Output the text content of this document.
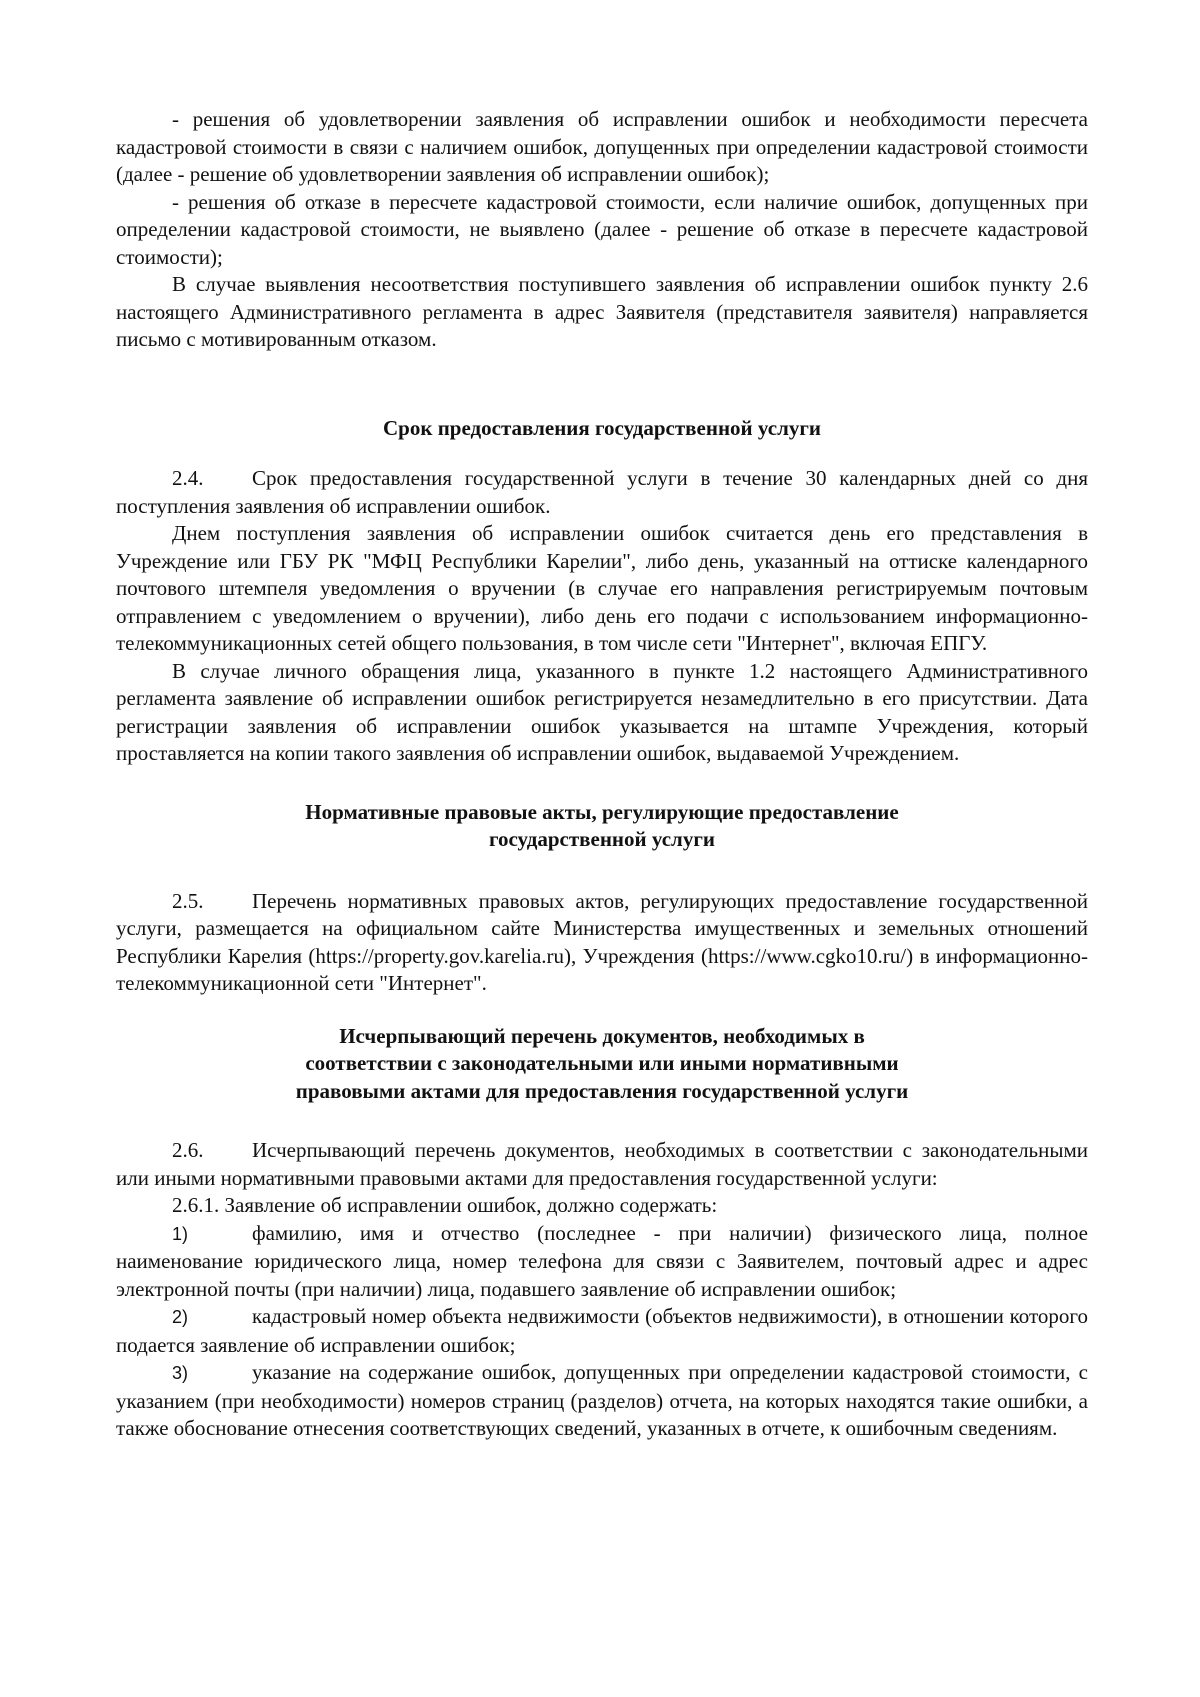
- решения об удовлетворении заявления об исправлении ошибок и необходимости пересчета кадастровой стоимости в связи с наличием ошибок, допущенных при определении кадастровой стоимости (далее - решение об удовлетворении заявления об исправлении ошибок);

- решения об отказе в пересчете кадастровой стоимости, если наличие ошибок, допущенных при определении кадастровой стоимости, не выявлено (далее - решение об отказе в пересчете кадастровой стоимости);

В случае выявления несоответствия поступившего заявления об исправлении ошибок пункту 2.6 настоящего Административного регламента в адрес Заявителя (представителя заявителя) направляется письмо с мотивированным отказом.

Срок предоставления государственной услуги

2.4. Срок предоставления государственной услуги в течение 30 календарных дней со дня поступления заявления об исправлении ошибок.

Днем поступления заявления об исправлении ошибок считается день его представления в Учреждение или ГБУ РК "МФЦ Республики Карелии", либо день, указанный на оттиске календарного почтового штемпеля уведомления о вручении (в случае его направления регистрируемым почтовым отправлением с уведомлением о вручении), либо день его подачи с использованием информационно-телекоммуникационных сетей общего пользования, в том числе сети "Интернет", включая ЕПГУ.

В случае личного обращения лица, указанного в пункте 1.2 настоящего Административного регламента заявление об исправлении ошибок регистрируется незамедлительно в его присутствии. Дата регистрации заявления об исправлении ошибок указывается на штампе Учреждения, который проставляется на копии такого заявления об исправлении ошибок, выдаваемой Учреждением.

Нормативные правовые акты, регулирующие предоставление
государственной услуги

2.5. Перечень нормативных правовых актов, регулирующих предоставление государственной услуги, размещается на официальном сайте Министерства имущественных и земельных отношений Республики Карелия (https://property.gov.karelia.ru), Учреждения (https://www.cgko10.ru/) в информационно-телекоммуникационной сети "Интернет".

Исчерпывающий перечень документов, необходимых в
соответствии с законодательными или иными нормативными
правовыми актами для предоставления государственной услуги

2.6. Исчерпывающий перечень документов, необходимых в соответствии с законодательными или иными нормативными правовыми актами для предоставления государственной услуги:

2.6.1. Заявление об исправлении ошибок, должно содержать:

1)	фамилию, имя и отчество (последнее - при наличии) физического лица, полное наименование юридического лица, номер телефона для связи с Заявителем, почтовый адрес и адрес электронной почты (при наличии) лица, подавшего заявление об исправлении ошибок;

2)	кадастровый номер объекта недвижимости (объектов недвижимости), в отношении которого подается заявление об исправлении ошибок;

3)	указание на содержание ошибок, допущенных при определении кадастровой стоимости, с указанием (при необходимости) номеров страниц (разделов) отчета, на которых находятся такие ошибки, а также обоснование отнесения соответствующих сведений, указанных в отчете, к ошибочным сведениям.
